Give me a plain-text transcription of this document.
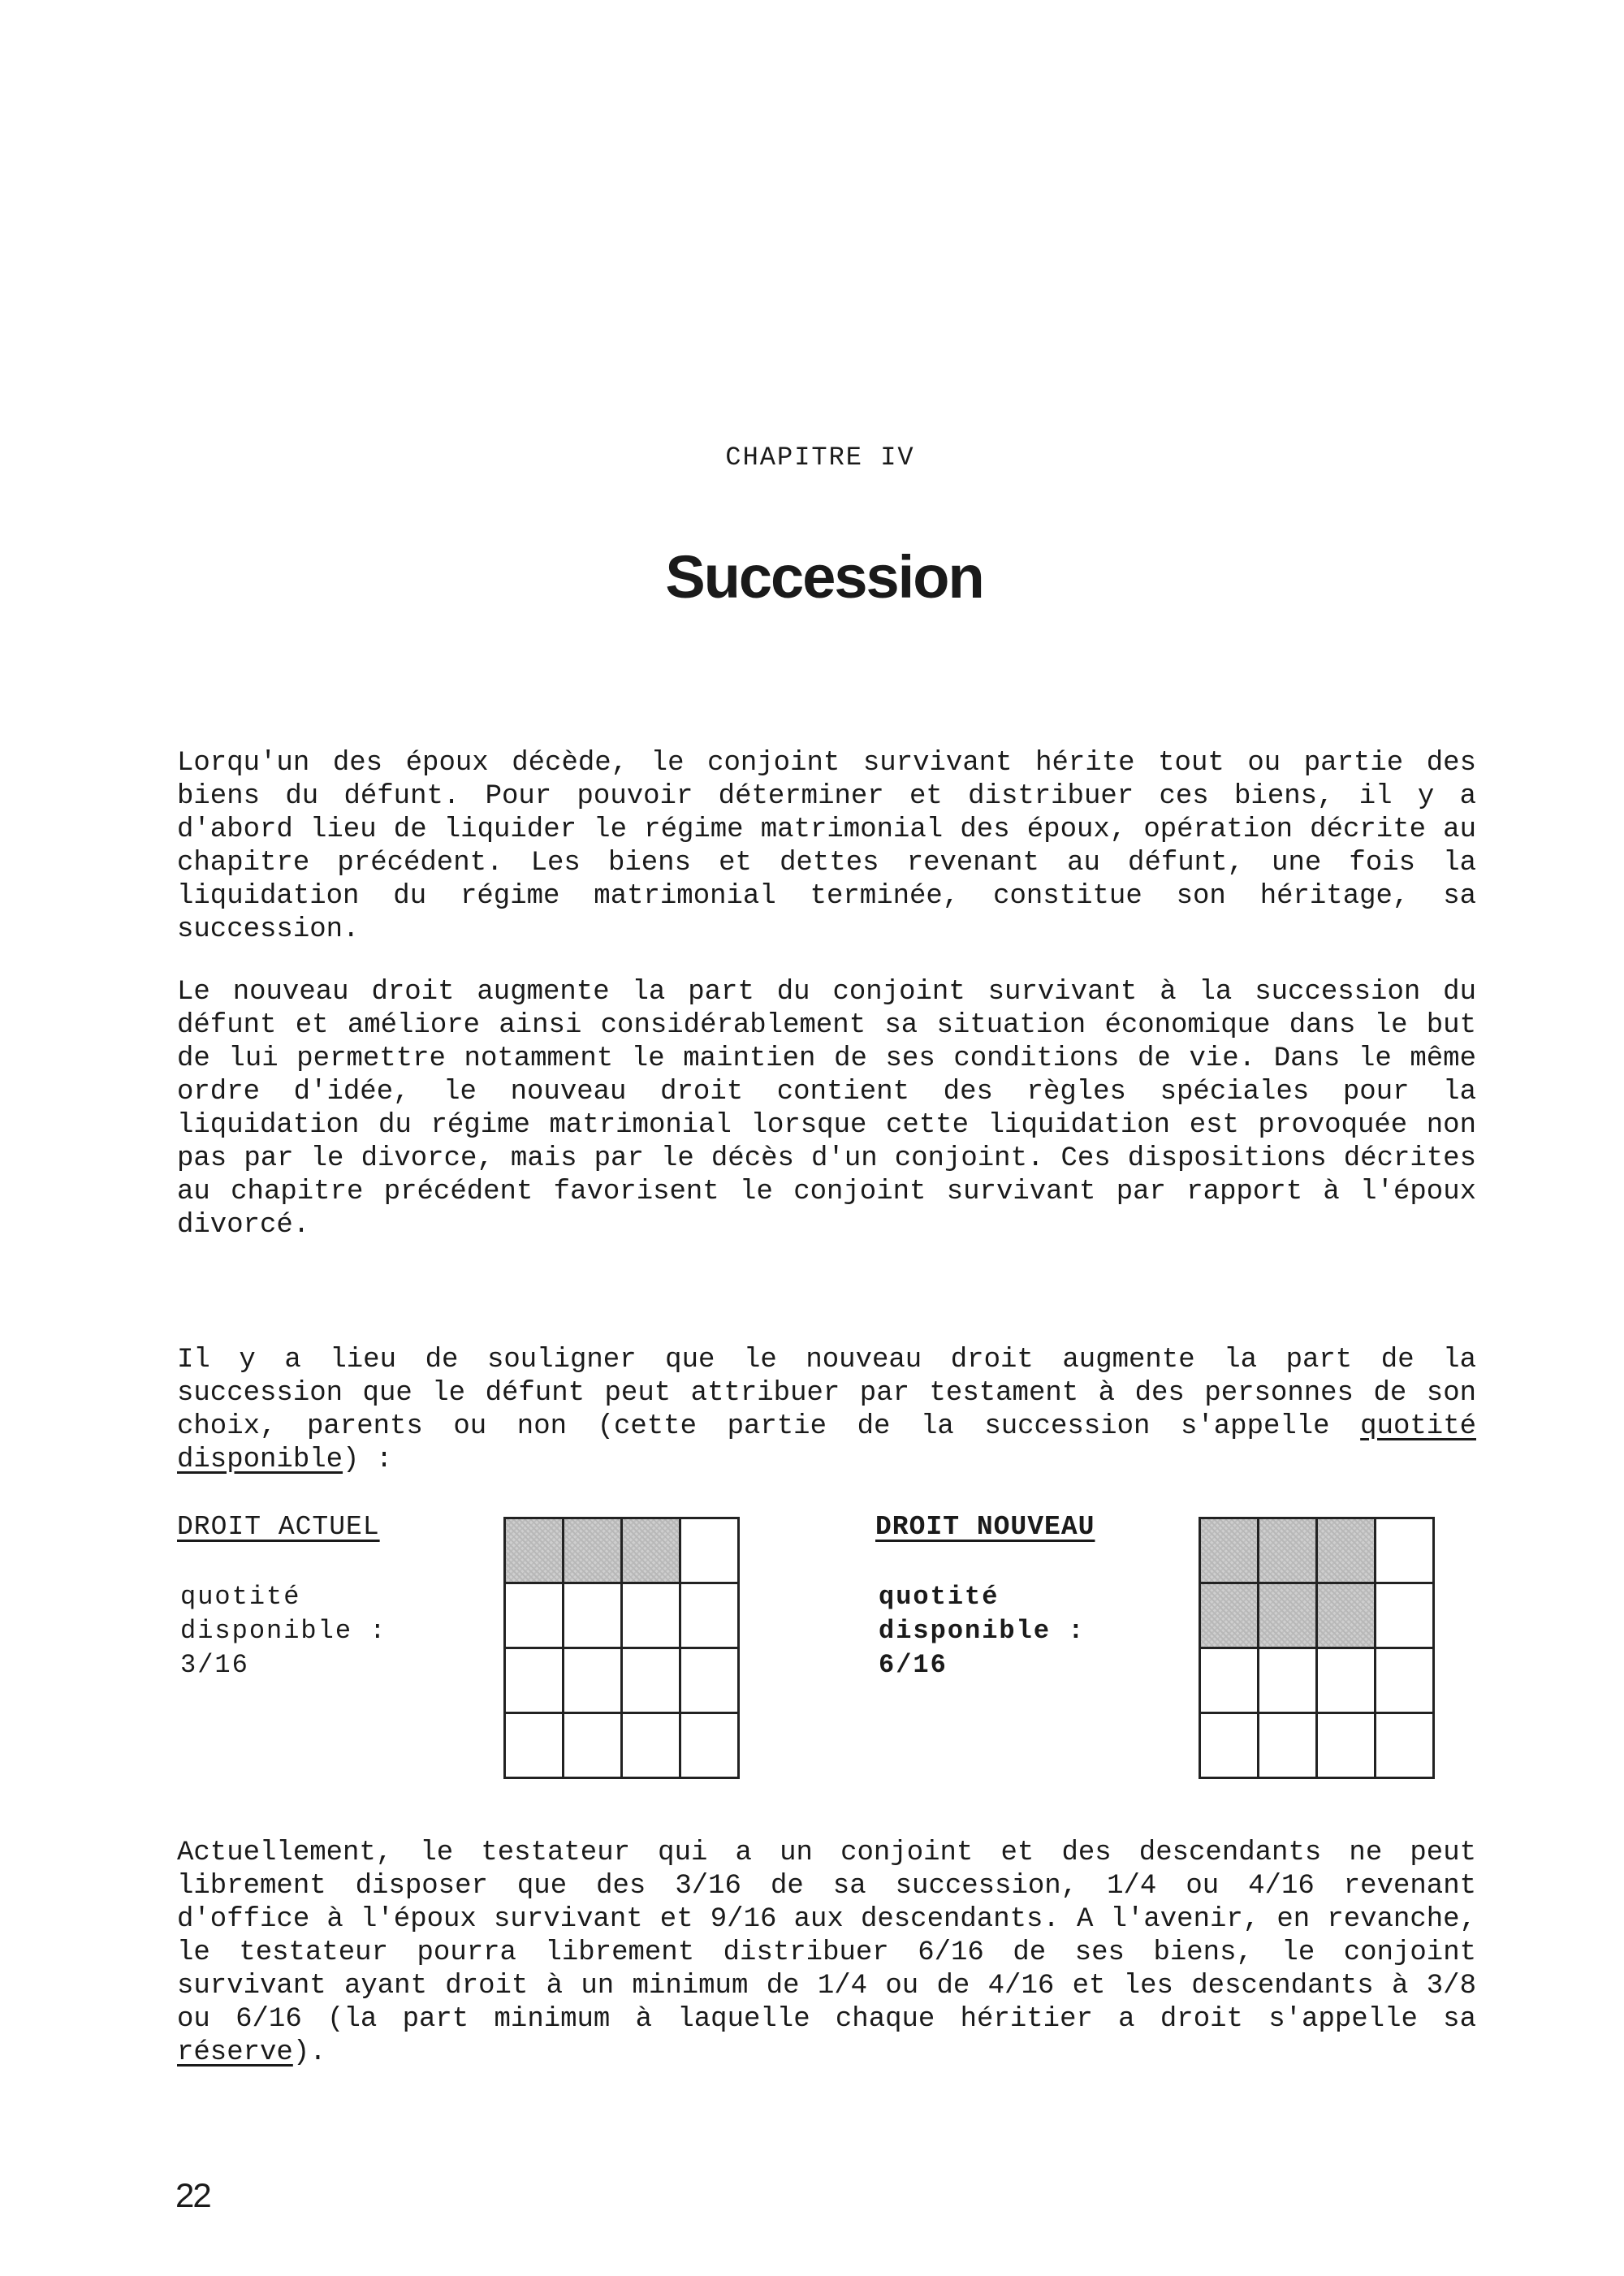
CHAPITRE IV
Succession

Lorqu'un des époux décède, le conjoint survivant hérite tout ou partie des biens du défunt. Pour pouvoir déterminer et distribuer ces biens, il y a d'abord lieu de liquider le régime matrimonial des époux, opération décrite au chapitre précédent. Les biens et dettes revenant au défunt, une fois la liquidation du régime matrimonial terminée, constitue son héritage, sa succession.

Le nouveau droit augmente la part du conjoint survivant à la succession du défunt et améliore ainsi considérablement sa situation économique dans le but de lui permettre notamment le maintien de ses conditions de vie. Dans le même ordre d'idée, le nouveau droit contient des règles spéciales pour la liquidation du régime matrimonial lorsque cette liquidation est provoquée non pas par le divorce, mais par le décès d'un conjoint. Ces dispositions décrites au chapitre précédent favorisent le conjoint survivant par rapport à l'époux divorcé.

Il y a lieu de souligner que le nouveau droit augmente la part de la succession que le défunt peut attribuer par testament à des personnes de son choix, parents ou non (cette partie de la succession s'appelle quotité disponible) :

DROIT ACTUEL
quotité
disponible :
3/16
DROIT NOUVEAU
quotité
disponible :
6/16

Actuellement, le testateur qui a un conjoint et des descendants ne peut librement disposer que des 3/16 de sa succession, 1/4 ou 4/16 revenant d'office à l'époux survivant et 9/16 aux descendants. A l'avenir, en revanche, le testateur pourra librement distribuer 6/16 de ses biens, le conjoint survivant ayant droit à un minimum de 1/4 ou de 4/16 et les descendants à 3/8 ou 6/16 (la part minimum à laquelle chaque héritier a droit s'appelle sa réserve).

22
